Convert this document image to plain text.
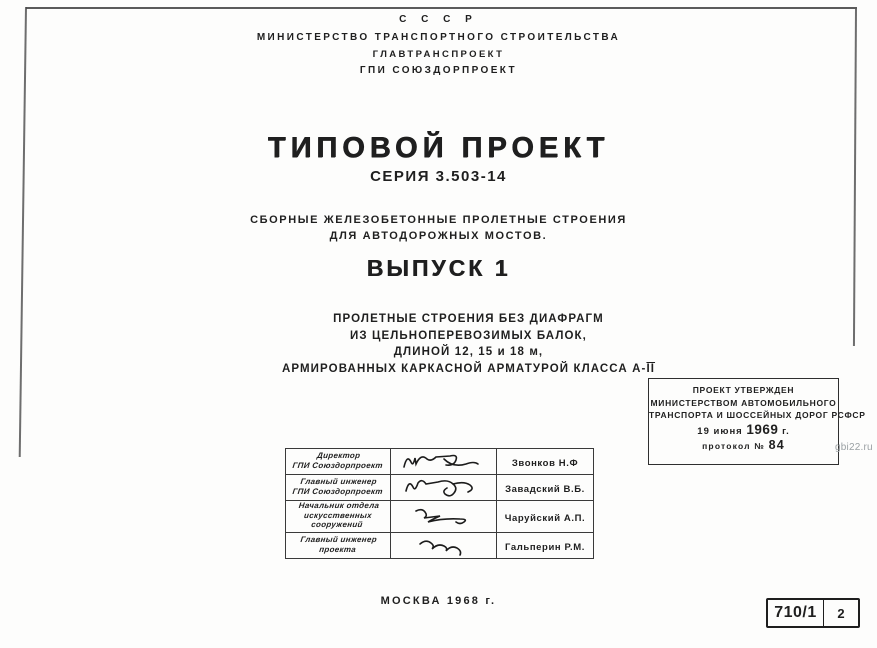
С С С Р
МИНИСТЕРСТВО ТРАНСПОРТНОГО СТРОИТЕЛЬСТВА
ГЛАВТРАНСПРОЕКТ
ГПИ СОЮЗДОРПРОЕКТ
ТИПОВОЙ ПРОЕКТ
СЕРИЯ 3.503-14
СБОРНЫЕ ЖЕЛЕЗОБЕТОННЫЕ ПРОЛЕТНЫЕ СТРОЕНИЯ
ДЛЯ АВТОДОРОЖНЫХ МОСТОВ.
ВЫПУСК 1
ПРОЛЕТНЫЕ СТРОЕНИЯ БЕЗ ДИАФРАГМ
ИЗ ЦЕЛЬНОПЕРЕВОЗИМЫХ БАЛОК,
ДЛИНОЙ 12, 15 и 18 м,
АРМИРОВАННЫХ КАРКАСНОЙ АРМАТУРОЙ КЛАССА $А-\overline{II}$
ПРОЕКТ УТВЕРЖДЕН
МИНИСТЕРСТВОМ АВТОМОБИЛЬНОГО
ТРАНСПОРТА И ШОССЕЙНЫХ ДОРОГ РСФСР
19 июня 1969 г.
протокол № 84	gbi22.ru
Директор
ГПИ Союздорпроект		Звонков Н.Ф
Главный инженер
ГПИ Союздорпроект		Завадский В.Б.
Начальник отдела
искусственных сооружений		Чаруйский А.П.
Главный инженер
проекта		Гальперин Р.М.
МОСКВА 1968 г.
710/1	2
